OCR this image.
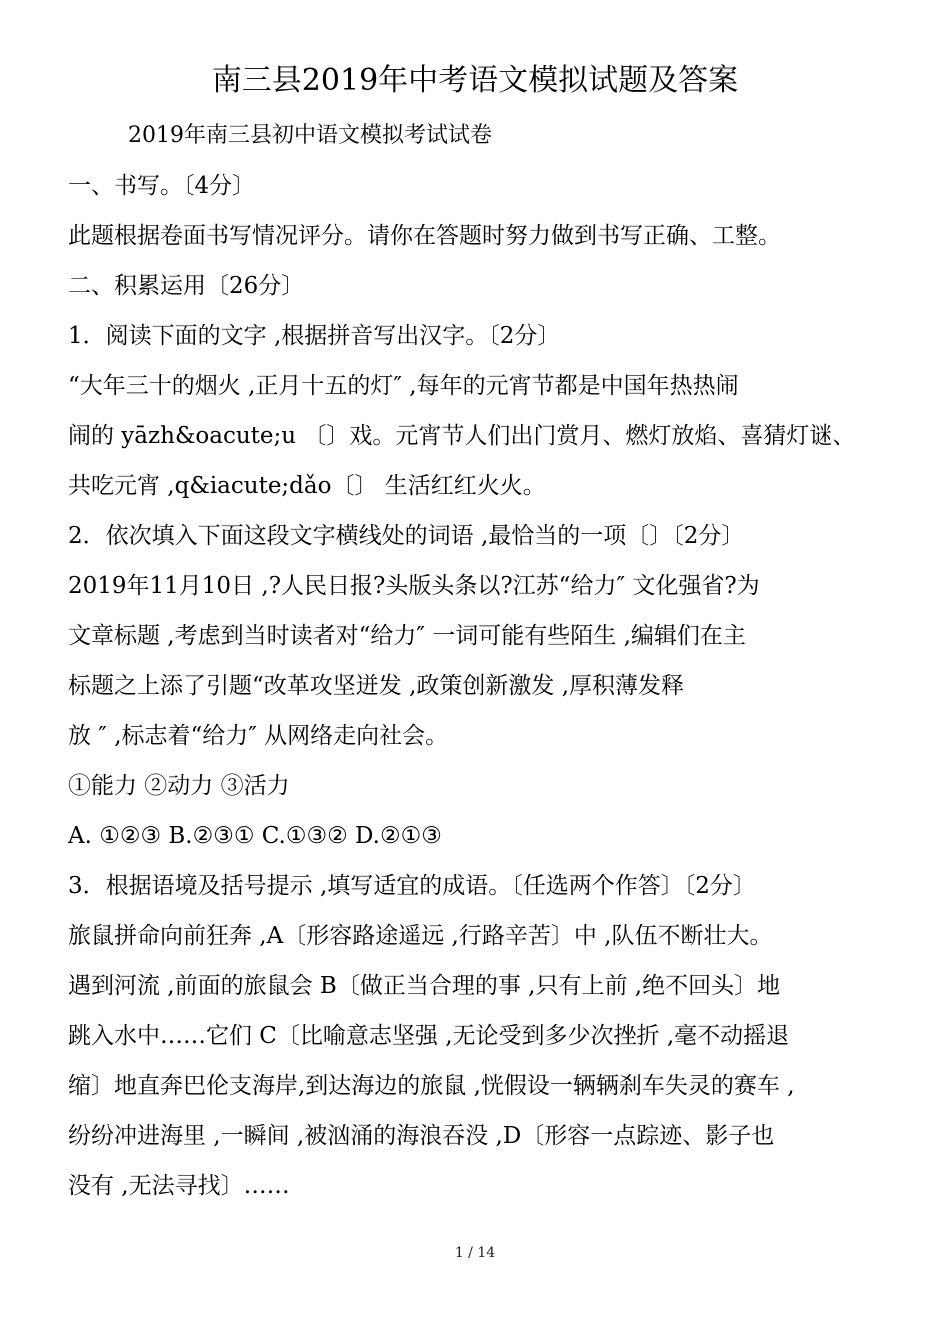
南三县2019年中考语文模拟试题及答案
2019年南三县初中语文模拟考试试卷
一、书写。〔4分〕
此题根据卷面书写情况评分。请你在答题时努力做到书写正确、工整。
二、积累运用〔26分〕
1．阅读下面的文字 ,根据拼音写出汉字。〔2分〕
“大年三十的烟火 ,正月十五的灯″ ,每年的元宵节都是中国年热热闹
闹的 yāzh&oacute;u 〔〕戏。元宵节人们出门赏月、燃灯放焰、喜猜灯谜、
共吃元宵 ,q&iacute;dǎo〔〕 生活红红火火。
2．依次填入下面这段文字横线处的词语 ,最恰当的一项〔〕〔2分〕
2019年11月10日 ,?人民日报?头版头条以?江苏“给力″ 文化强省?为
文章标题 ,考虑到当时读者对“给力″ 一词可能有些陌生 ,编辑们在主
标题之上添了引题“改革攻坚迸发 ,政策创新激发 ,厚积薄发释
放 ″ ,标志着“给力″ 从网络走向社会。
①能力 ②动力 ③活力
A. ①②③ B.②③① C.①③② D.②①③
3．根据语境及括号提示 ,填写适宜的成语。〔任选两个作答〕〔2分〕
旅鼠拼命向前狂奔 ,A〔形容路途遥远 ,行路辛苦〕中 ,队伍不断壮大。
遇到河流 ,前面的旅鼠会 B〔做正当合理的事 ,只有上前 ,绝不回头〕地
跳入水中……它们 C〔比喻意志坚强 ,无论受到多少次挫折 ,毫不动摇退
缩〕地直奔巴伦支海岸,到达海边的旅鼠 ,恍假设一辆辆刹车失灵的赛车 ,
纷纷冲进海里 ,一瞬间 ,被汹涌的海浪吞没 ,D〔形容一点踪迹、影子也
没有 ,无法寻找〕……
1 / 14
